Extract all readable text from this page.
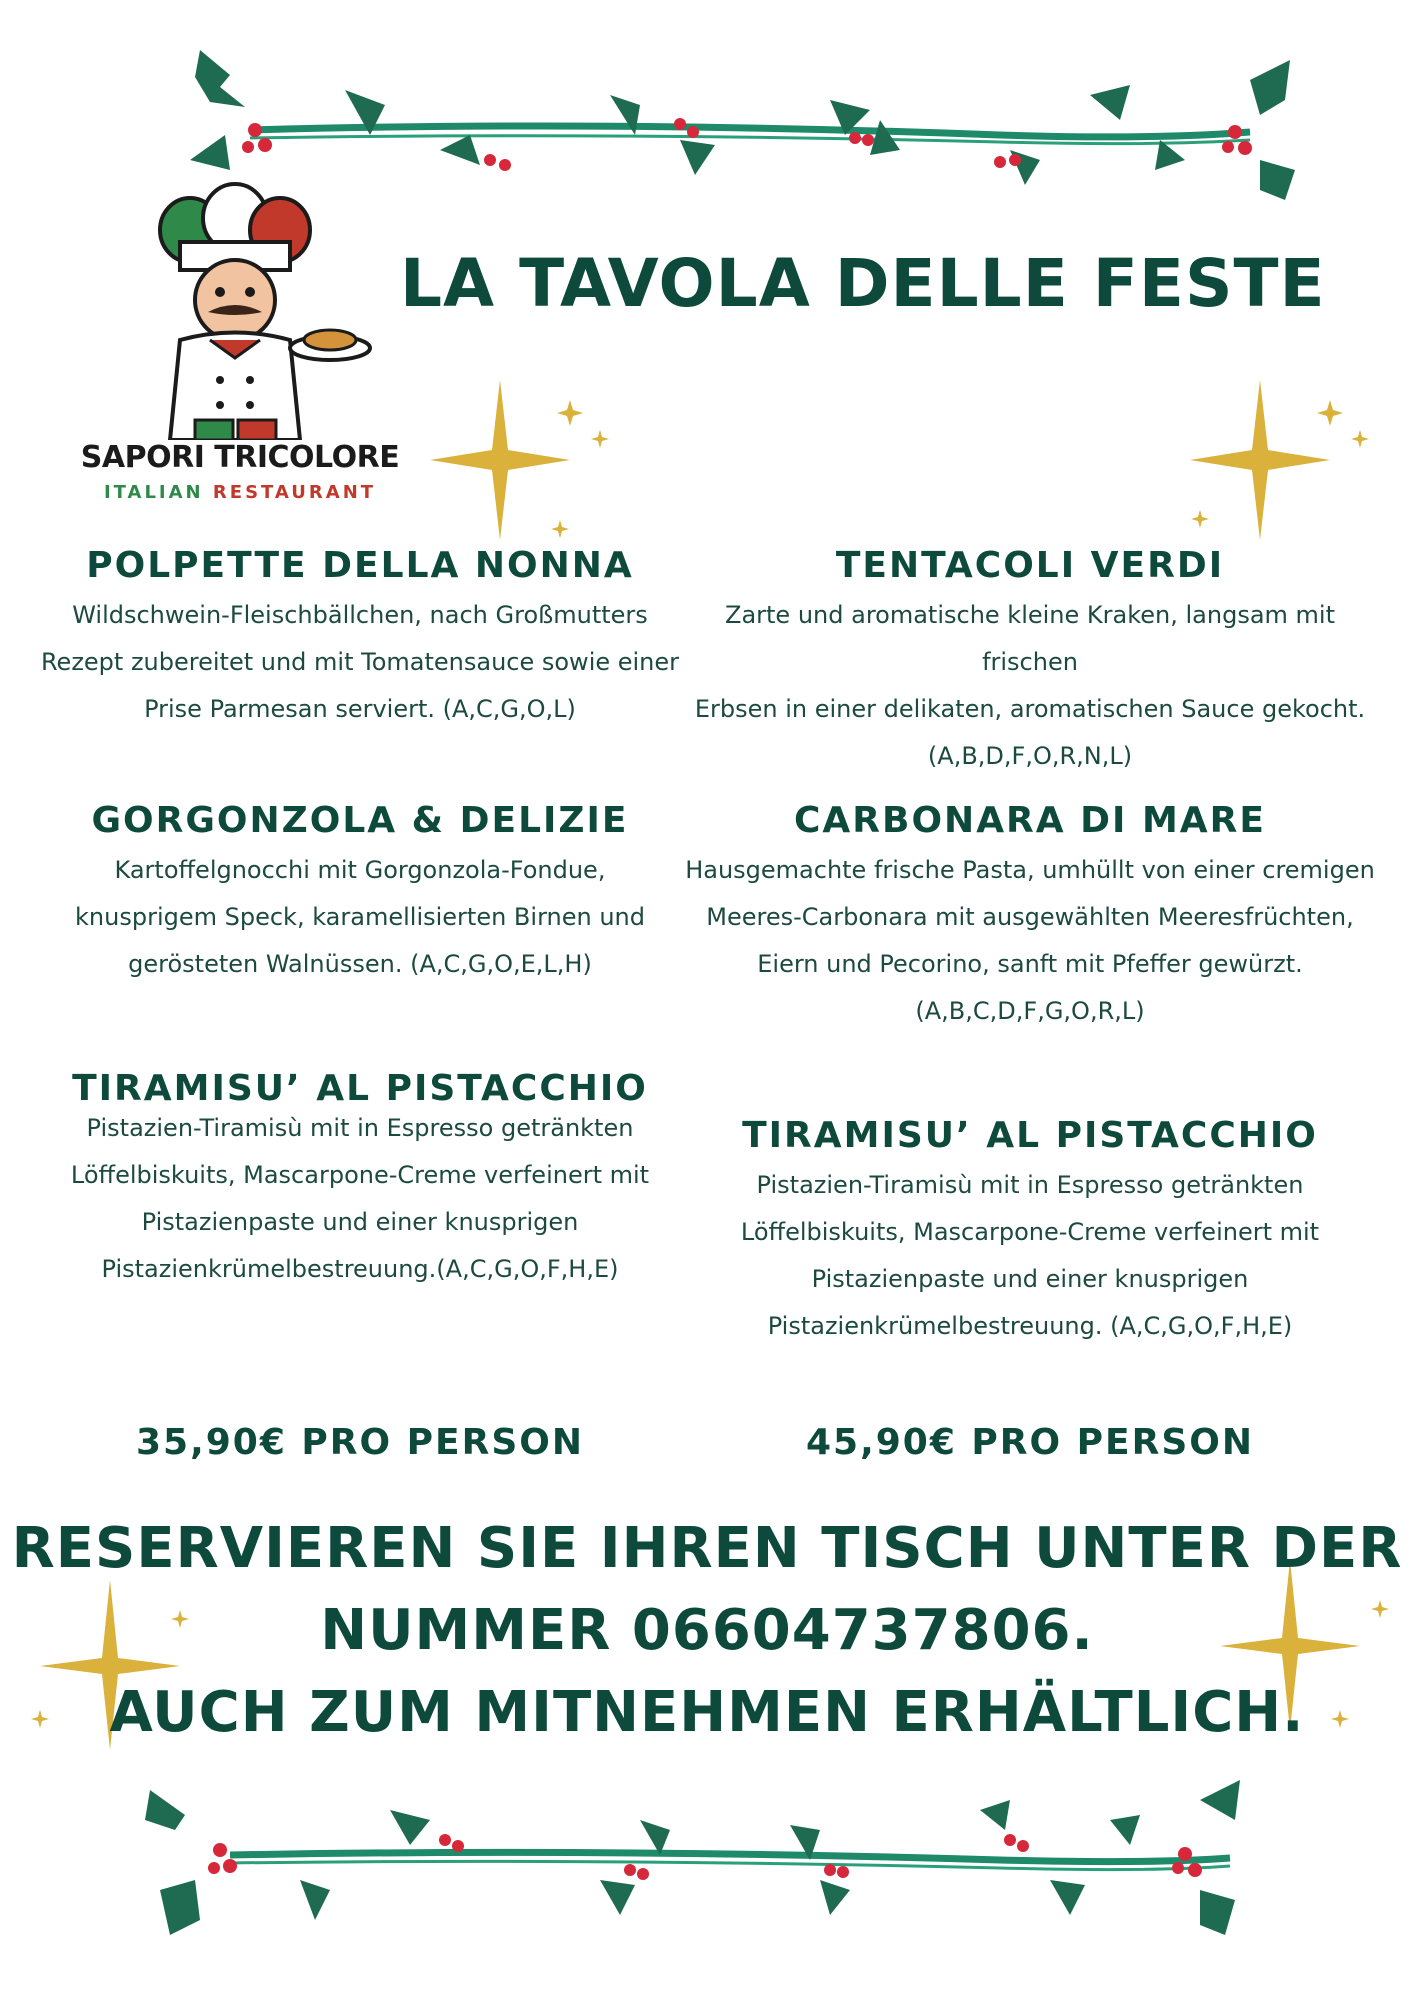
SAPORI TRICOLORE
ITALIAN RESTAURANT
LA TAVOLA DELLE FESTE
POLPETTE DELLA NONNA

Wildschwein-Fleischbällchen, nach Großmutters
Rezept zubereitet und mit Tomatensauce sowie einer
Prise Parmesan serviert. (A,C,G,O,L)

GORGONZOLA & DELIZIE

Kartoffelgnocchi mit Gorgonzola-Fondue,
knusprigem Speck, karamellisierten Birnen und
gerösteten Walnüssen. (A,C,G,O,E,L,H)

TIRAMISU’ AL PISTACCHIO

Pistazien-Tiramisù mit in Espresso getränkten
Löffelbiskuits, Mascarpone-Creme verfeinert mit
Pistazienpaste und einer knusprigen
Pistazienkrümelbestreuung.(A,C,G,O,F,H,E)

35,90€ PRO PERSON
TENTACOLI VERDI

Zarte und aromatische kleine Kraken, langsam mit frischen
Erbsen in einer delikaten, aromatischen Sauce gekocht.
(A,B,D,F,O,R,N,L)

CARBONARA DI MARE

Hausgemachte frische Pasta, umhüllt von einer cremigen
Meeres-Carbonara mit ausgewählten Meeresfrüchten,
Eiern und Pecorino, sanft mit Pfeffer gewürzt.
(A,B,C,D,F,G,O,R,L)

TIRAMISU’ AL PISTACCHIO

Pistazien-Tiramisù mit in Espresso getränkten
Löffelbiskuits, Mascarpone-Creme verfeinert mit
Pistazienpaste und einer knusprigen
Pistazienkrümelbestreuung. (A,C,G,O,F,H,E)

45,90€ PRO PERSON
RESERVIEREN SIE IHREN TISCH UNTER DER
NUMMER 06604737806.
AUCH ZUM MITNEHMEN ERHÄLTLICH.
